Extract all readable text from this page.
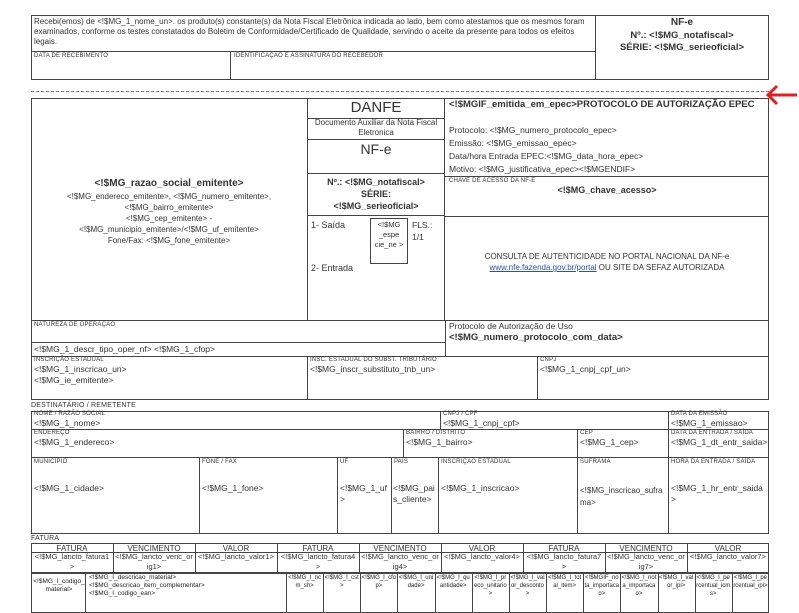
Recebi(emos) de <!$MG_1_nome_un>. os produto(s) constante(s) da Nota Fiscal Eletrônica indicada ao lado, bem como atestamos que os mesmos foram examinados, conforme os testes constatados do Boletim de Conformidade/Certificado de Qualidade, servindo o aceite da presente para todos os efeitos legais.
DATA DE RECEBIMENTO	IDENTIFICAÇÃO E ASSINATURA DO RECEBEDOR
NF-e
Nº.: <!$MG_notafiscal>
SÉRIE: <!$MG_serieoficial>
<!$MG_razao_social_emitente>
<!$MG_endereco_emitente>, <!$MG_numero_emitente>,
<!$MG_bairro_emitente>
<!$MG_cep_emitente> -
<!$MG_municipio_emitente>/<!$MG_uf_emitente>
Fone/Fax: <!$MG_fone_emitente>
DANFE
Documento Auxiliar da Nota Fiscal Eletronica
NF-e
Nº.: <!$MG_notafiscal>
SÉRIE:
<!$MG_serieoficial>
1- Saída
2- Entrada
<!$MG _espe cie_ne >
FLS.: 1/1
<!$MGIF_emitida_em_epec>PROTOCOLO DE AUTORIZAÇÃO EPEC
Protocolo: <!$MG_numero_protocolo_epec>
Emissão: <!$MG_emissao_epec>
Data/hora Entrada EPEC:<!$MG_data_hora_epec>
Motivo: <!$MG_justificativa_epec><!$MGENDIF>
CHAVE DE ACESSO DA NF-E
<!$MG_chave_acesso>
CONSULTA DE AUTENTICIDADE NO PORTAL NACIONAL DA NF-e
www.nfe.fazenda.gov.br/portal OU SITE DA SEFAZ AUTORIZADA
NATUREZA DE OPERAÇÃO
<!$MG_1_descr_tipo_oper_nf> <!$MG_1_cfop>
Protocolo de Autorização de Uso
<!$MG_numero_protocolo_com_data>
INSCRIÇÃO ESTADUAL
<!$MG_1_inscricao_un>
<!$MG_ie_emitente>
INSC. ESTADUAL DO SUBST. TRIBUTÁRIO
<!$MG_inscr_substituto_tnb_un>
CNPJ
<!$MG_1_cnpj_cpf_un>
DESTINATÁRIO / REMETENTE
NOME / RAZÃO SOCIAL
<!$MG_1_nome>
CNPJ / CPF
<!$MG_1_cnpj_cpf>
DATA DA EMISSÃO
<!$MG_1_emissao>
ENDEREÇO
<!$MG_1_endereco>
BAIRRO / DISTRITO
<!$MG_1_bairro>
CEP
<!$MG_1_cep>
DATA DA ENTRADA / SAÍDA
<!$MG_1_dt_entr_saida>
MUNICÍPIO
<!$MG_1_cidade>
FONE / FAX
<!$MG_1_fone>
UF
<!$MG_1_uf>
PAÍS
<!$MG_pais_cliente>
INSCRIÇÃO ESTADUAL
<!$MG_1_inscricao>
SUFRAMA
<!$MG_inscricao_suframa>
HORA DA ENTRADA / SAÍDA
<!$MG_1_hr_entr_saida>
FATURA
FATURA
<!$MG_lancto_fatura1>
VENCIMENTO
<!$MG_lancto_venc_orig1>
VALOR
<!$MG_lancto_valor1>
FATURA
<!$MG_lancto_fatura4>
VENCIMENTO
<!$MG_lancto_venc_orig4>
VALOR
<!$MG_lancto_valor4>
FATURA
<!$MG_lancto_fatura7>
VENCIMENTO
<!$MG_lancto_venc_orig7>
VALOR
<!$MG_lancto_valor7>
<!$MG_I_codigo_material>
<!$MG_I_descricao_material>
<!$MG_descricao_item_complementar>
<!$MG_I_codigo_ean>
<!$MG_I_ncm_sh>
<!$MG_I_cst>
<!$MG_I_cfop>
<!$MG_I_unidade>
<!$MG_I_quantidade>
<!$MG_I_preco_unitario>
<!$MG_I_valor_desconto>
<!$MG_I_total_item>
<!$MGIF_nota_importacao>
<!$MG_I_nota_importacao>
<!$MG_I_valor_ipi>
<!$MG_I_percentual_icms>
<!$MG_I_percentual_ipi>
